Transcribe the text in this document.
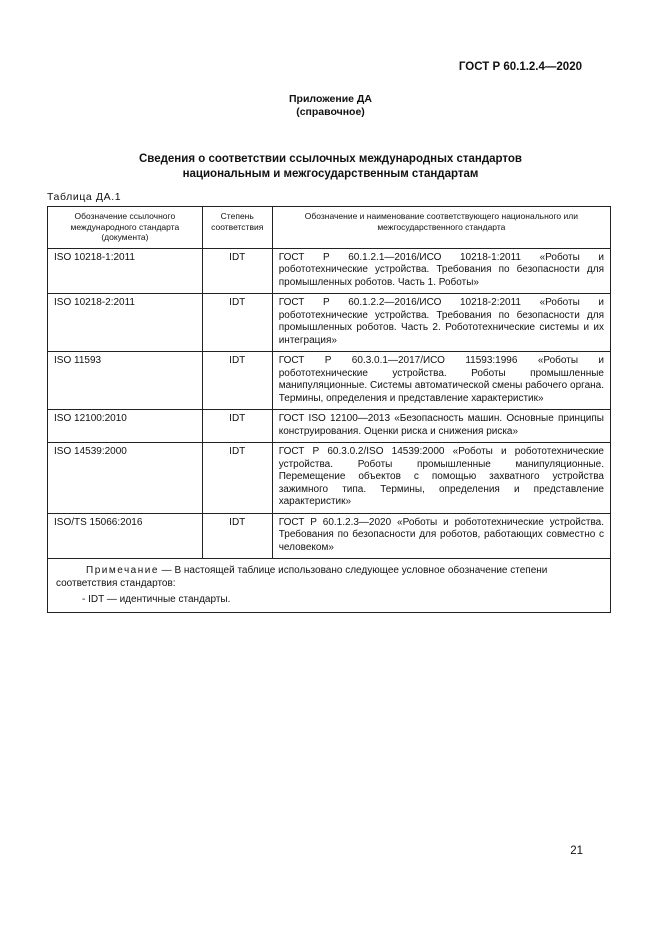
ГОСТ Р 60.1.2.4—2020
Приложение ДА
(справочное)
Сведения о соответствии ссылочных международных стандартов
национальным и межгосударственным стандартам
Таблица ДА.1
Обозначение ссылочного международного стандарта (документа)	Степень соответствия	Обозначение и наименование соответствующего национального или межгосударственного стандарта
ISO 10218-1:2011	IDT	ГОСТ Р 60.1.2.1—2016/ИСО 10218-1:2011 «Роботы и робототехнические устройства. Требования по безопасности для промышленных роботов. Часть 1. Роботы»
ISO 10218-2:2011	IDT	ГОСТ Р 60.1.2.2—2016/ИСО 10218-2:2011 «Роботы и робототехнические устройства. Требования по безопасности для промышленных роботов. Часть 2. Робототехнические системы и их интеграция»
ISO 11593	IDT	ГОСТ Р 60.3.0.1—2017/ИСО 11593:1996 «Роботы и робототехнические устройства. Роботы промышленные манипуляционные. Системы автоматической смены рабочего органа. Термины, определения и представление характеристик»
ISO 12100:2010	IDT	ГОСТ ISO 12100—2013 «Безопасность машин. Основные принципы конструирования. Оценки риска и снижения риска»
ISO 14539:2000	IDT	ГОСТ Р 60.3.0.2/ISO 14539:2000 «Роботы и робототехнические устройства. Роботы промышленные манипуляционные. Перемещение объектов с помощью захватного устройства зажимного типа. Термины, определения и представление характеристик»
ISO/TS 15066:2016	IDT	ГОСТ Р 60.1.2.3—2020 «Роботы и робототехнические устройства. Требования по безопасности для роботов, работающих совместно с человеком»

Примечание — В настоящей таблице использовано следующее условное обозначение степени соответствия стандартов:
- IDT — идентичные стандарты.		
21
